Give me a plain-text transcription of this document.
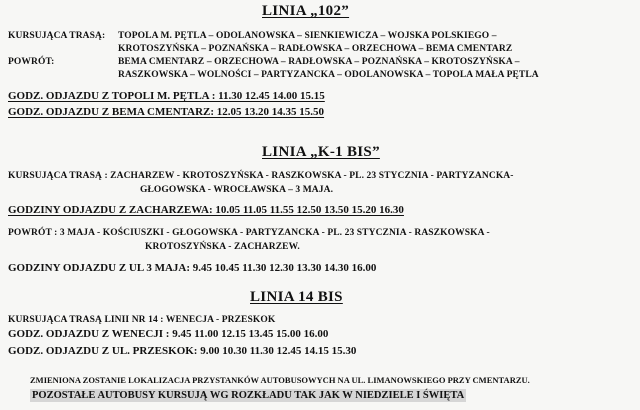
LINIA „102”
KURSUJĄCA TRASĄ: TOPOLA M. PĘTLA – ODOLANOWSKA – SIENKIEWICZA – WOJSKA POLSKIEGO –
KROTOSZYŃSKA – POZNAŃSKA – RADŁOWSKA – ORZECHOWA – BEMA CMENTARZ
POWRÓT:	BEMA CMENTARZ – ORZECHOWA – RADŁOWSKA – POZNAŃSKA – KROTOSZYŃSKA –
RASZKOWSKA – WOLNOŚCI – PARTYZANCKA – ODOLANOWSKA – TOPOLA MAŁA PĘTLA
GODZ. ODJAZDU Z TOPOLI M. PĘTLA : 11.30 12.45 14.00 15.15
GODZ. ODJAZDU Z BEMA CMENTARZ: 12.05 13.20 14.35 15.50
LINIA „K-1 BIS”
KURSUJĄCA TRASĄ : ZACHARZEW - KROTOSZYŃSKA - RASZKOWSKA - PL. 23 STYCZNIA - PARTYZANCKA-
GŁOGOWSKA - WROCŁAWSKA – 3 MAJA.
GODZINY ODJAZDU Z ZACHARZEWA: 10.05 11.05 11.55 12.50 13.50 15.20 16.30
POWRÓT : 3 MAJA - KOŚCIUSZKI - GŁOGOWSKA - PARTYZANCKA - PL. 23 STYCZNIA - RASZKOWSKA -
KROTOSZYŃSKA - ZACHARZEW.
GODZINY ODJAZDU Z UL 3 MAJA: 9.45 10.45 11.30 12.30 13.30 14.30 16.00
LINIA 14 BIS
KURSUJĄCA TRASĄ LINII NR 14 : WENECJA - PRZESKOK
GODZ. ODJAZDU Z WENECJI : 9.45 11.00 12.15 13.45 15.00 16.00
GODZ. ODJAZDU Z UL. PRZESKOK: 9.00 10.30 11.30 12.45 14.15 15.30
ZMIENIONA ZOSTANIE LOKALIZACJA PRZYSTANKÓW AUTOBUSOWYCH NA UL. LIMANOWSKIEGO PRZY CMENTARZU.
POZOSTAŁE AUTOBUSY KURSUJĄ WG ROZKŁADU TAK JAK W NIEDZIELE I ŚWIĘTA
